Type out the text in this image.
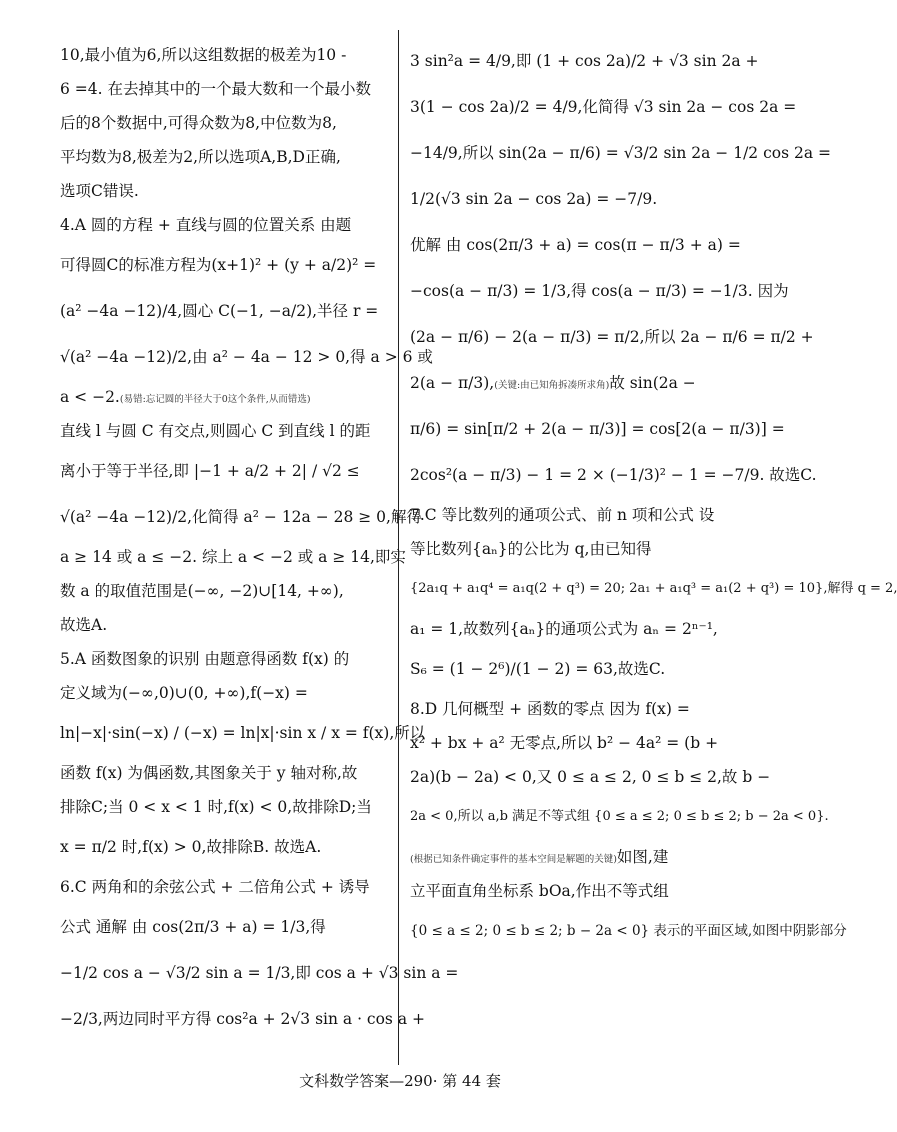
10,最小值为6,所以这组数据的极差为10 -
6 =4. 在去掉其中的一个最大数和一个最小数
后的8个数据中,可得众数为8,中位数为8,
平均数为8,极差为2,所以选项A,B,D正确,
选项C错误.
4.A 圆的方程 + 直线与圆的位置关系 由题
可得圆C的标准方程为(x+1)² + (y + a/2)² =
(a² −4a −12)/4,圆心 C(−1, −a/2),半径 r =
√(a² −4a −12)/2,由 a² − 4a − 12 > 0,得 a > 6 或
a < −2.(易错:忘记圆的半径大于0这个条件,从而错选)
直线 l 与圆 C 有交点,则圆心 C 到直线 l 的距
离小于等于半径,即 |−1 + a/2 + 2| / √2 ≤
√(a² −4a −12)/2,化简得 a² − 12a − 28 ≥ 0,解得
a ≥ 14 或 a ≤ −2. 综上 a < −2 或 a ≥ 14,即实
数 a 的取值范围是(−∞, −2)∪[14, +∞),
故选A.
5.A 函数图象的识别 由题意得函数 f(x) 的
定义域为(−∞,0)∪(0, +∞),f(−x) =
ln|−x|·sin(−x) / (−x) = ln|x|·sin x / x = f(x),所以
函数 f(x) 为偶函数,其图象关于 y 轴对称,故
排除C;当 0 < x < 1 时,f(x) < 0,故排除D;当
x = π/2 时,f(x) > 0,故排除B. 故选A.
6.C 两角和的余弦公式 + 二倍角公式 + 诱导
公式 通解 由 cos(2π/3 + a) = 1/3,得
−1/2 cos a − √3/2 sin a = 1/3,即 cos a + √3 sin a =
−2/3,两边同时平方得 cos²a + 2√3 sin a · cos a +
3 sin²a = 4/9,即 (1 + cos 2a)/2 + √3 sin 2a +
3(1 − cos 2a)/2 = 4/9,化简得 √3 sin 2a − cos 2a =
−14/9,所以 sin(2a − π/6) = √3/2 sin 2a − 1/2 cos 2a =
1/2(√3 sin 2a − cos 2a) = −7/9.
优解 由 cos(2π/3 + a) = cos(π − π/3 + a) =
−cos(a − π/3) = 1/3,得 cos(a − π/3) = −1/3. 因为
(2a − π/6) − 2(a − π/3) = π/2,所以 2a − π/6 = π/2 +
2(a − π/3),(关键:由已知角拆凑所求角)故 sin(2a −
π/6) = sin[π/2 + 2(a − π/3)] = cos[2(a − π/3)] =
2cos²(a − π/3) − 1 = 2 × (−1/3)² − 1 = −7/9. 故选C.
7.C 等比数列的通项公式、前 n 项和公式 设
等比数列{aₙ}的公比为 q,由已知得
{2a₁q + a₁q⁴ = a₁q(2 + q³) = 20; 2a₁ + a₁q³ = a₁(2 + q³) = 10},解得 q = 2,
a₁ = 1,故数列{aₙ}的通项公式为 aₙ = 2ⁿ⁻¹,
S₆ = (1 − 2⁶)/(1 − 2) = 63,故选C.
8.D 几何概型 + 函数的零点 因为 f(x) =
x² + bx + a² 无零点,所以 b² − 4a² = (b +
2a)(b − 2a) < 0,又 0 ≤ a ≤ 2, 0 ≤ b ≤ 2,故 b −
2a < 0,所以 a,b 满足不等式组 {0 ≤ a ≤ 2; 0 ≤ b ≤ 2; b − 2a < 0}.
(根据已知条件确定事件的基本空间是解题的关键)如图,建
立平面直角坐标系 bOa,作出不等式组
{0 ≤ a ≤ 2; 0 ≤ b ≤ 2; b − 2a < 0} 表示的平面区域,如图中阴影部分
文科数学答案—290· 第 44 套
